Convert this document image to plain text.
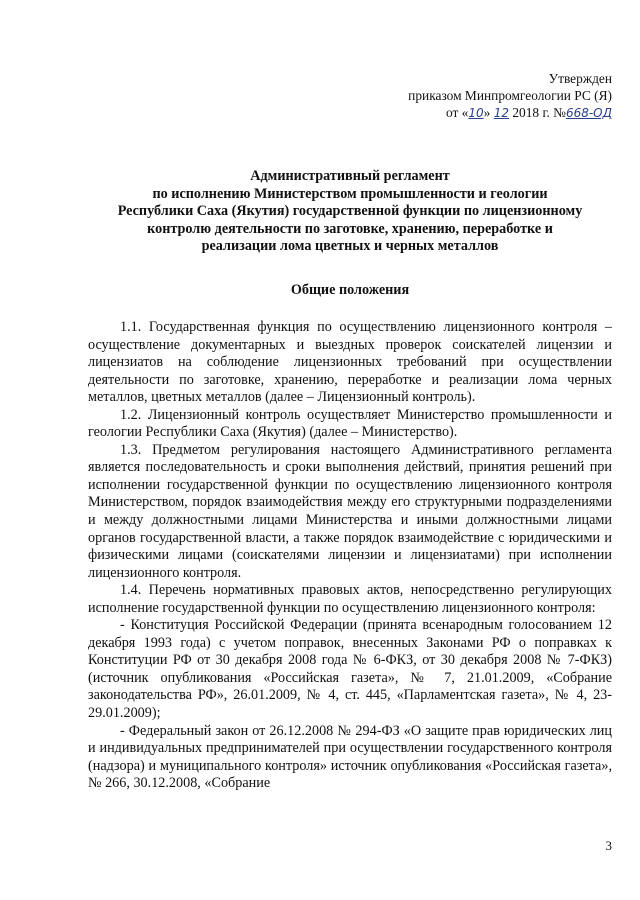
Утвержден
приказом Минпромгеологии РС (Я)
от «10» 12 2018 г. №668-ОД
Административный регламент
по исполнению Министерством промышленности и геологии
Республики Саха (Якутия) государственной функции по лицензионному
контролю деятельности по заготовке, хранению, переработке и
реализации лома цветных и черных металлов
Общие положения

1.1. Государственная функция по осуществлению лицензионного контроля – осуществление документарных и выездных проверок соискателей лицензии и лицензиатов на соблюдение лицензионных требований при осуществлении деятельности по заготовке, хранению, переработке и реализации лома черных металлов, цветных металлов (далее – Лицензионный контроль).

1.2. Лицензионный контроль осуществляет Министерство промышленности и геологии Республики Саха (Якутия) (далее – Министерство).

1.3. Предметом регулирования настоящего Административного регламента является последовательность и сроки выполнения действий, принятия решений при исполнении государственной функции по осуществлению лицензионного контроля Министерством, порядок взаимодействия между его структурными подразделениями и между должностными лицами Министерства и иными должностными лицами органов государственной власти, а также порядок взаимодействие с юридическими и физическими лицами (соискателями лицензии и лицензиатами) при исполнении лицензионного контроля.

1.4. Перечень нормативных правовых актов, непосредственно регулирующих исполнение государственной функции по осуществлению лицензионного контроля:

- Конституция Российской Федерации (принята всенародным голосованием 12 декабря 1993 года) с учетом поправок, внесенных Законами РФ о поправках к Конституции РФ от 30 декабря 2008 года № 6-ФКЗ, от 30 декабря 2008 № 7-ФКЗ) (источник опубликования «Российская газета», № 7, 21.01.2009, «Собрание законодательства РФ», 26.01.2009, № 4, ст. 445, «Парламентская газета», № 4, 23-29.01.2009);

- Федеральный закон от 26.12.2008 № 294-ФЗ «О защите прав юридических лиц и индивидуальных предпринимателей при осуществлении государственного контроля (надзора) и муниципального контроля» источник опубликования «Российская газета», № 266, 30.12.2008, «Собрание

3
